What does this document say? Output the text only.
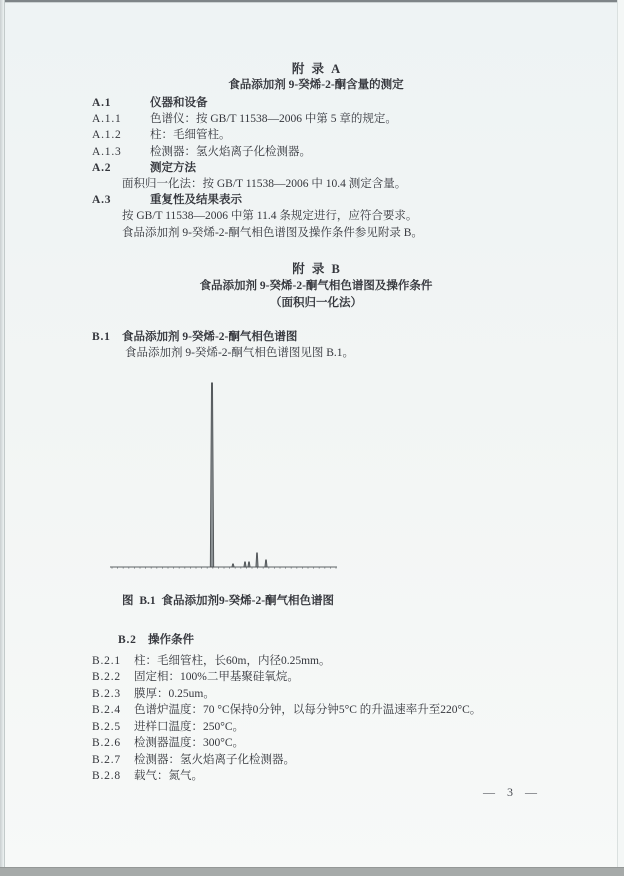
附 录 A
食品添加剂 9-癸烯-2-酮含量的测定
A.1	仪器和设备
A.1.1 色谱仪：按 GB/T 11538—2006 中第 5 章的规定。
A.1.2 柱：毛细管柱。
A.1.3 检测器：氢火焰离子化检测器。
A.2	测定方法
面积归一化法：按 GB/T 11538—2006 中 10.4 测定含量。
A.3	重复性及结果表示
按 GB/T 11538—2006 中第 11.4 条规定进行，应符合要求。
食品添加剂 9-癸烯-2-酮气相色谱图及操作条件参见附录 B。
附 录 B
食品添加剂 9-癸烯-2-酮气相色谱图及操作条件
（面积归一化法）
B.1 食品添加剂 9-癸烯-2-酮气相色谱图
食品添加剂 9-癸烯-2-酮气相色谱图见图 B.1。
图 B.1 食品添加剂9-癸烯-2-酮气相色谱图
B.2 操作条件
B.2.1 柱：毛细管柱，长60m，内径0.25mm。
B.2.2 固定相：100%二甲基聚硅氧烷。
B.2.3 膜厚：0.25um。
B.2.4 色谱炉温度：70 °C保持0分钟，以每分钟5°C 的升温速率升至220°C。
B.2.5 进样口温度：250°C。
B.2.6 检测器温度：300°C。
B.2.7 检测器：氢火焰离子化检测器。
B.2.8 载气：氮气。
— 3 —
